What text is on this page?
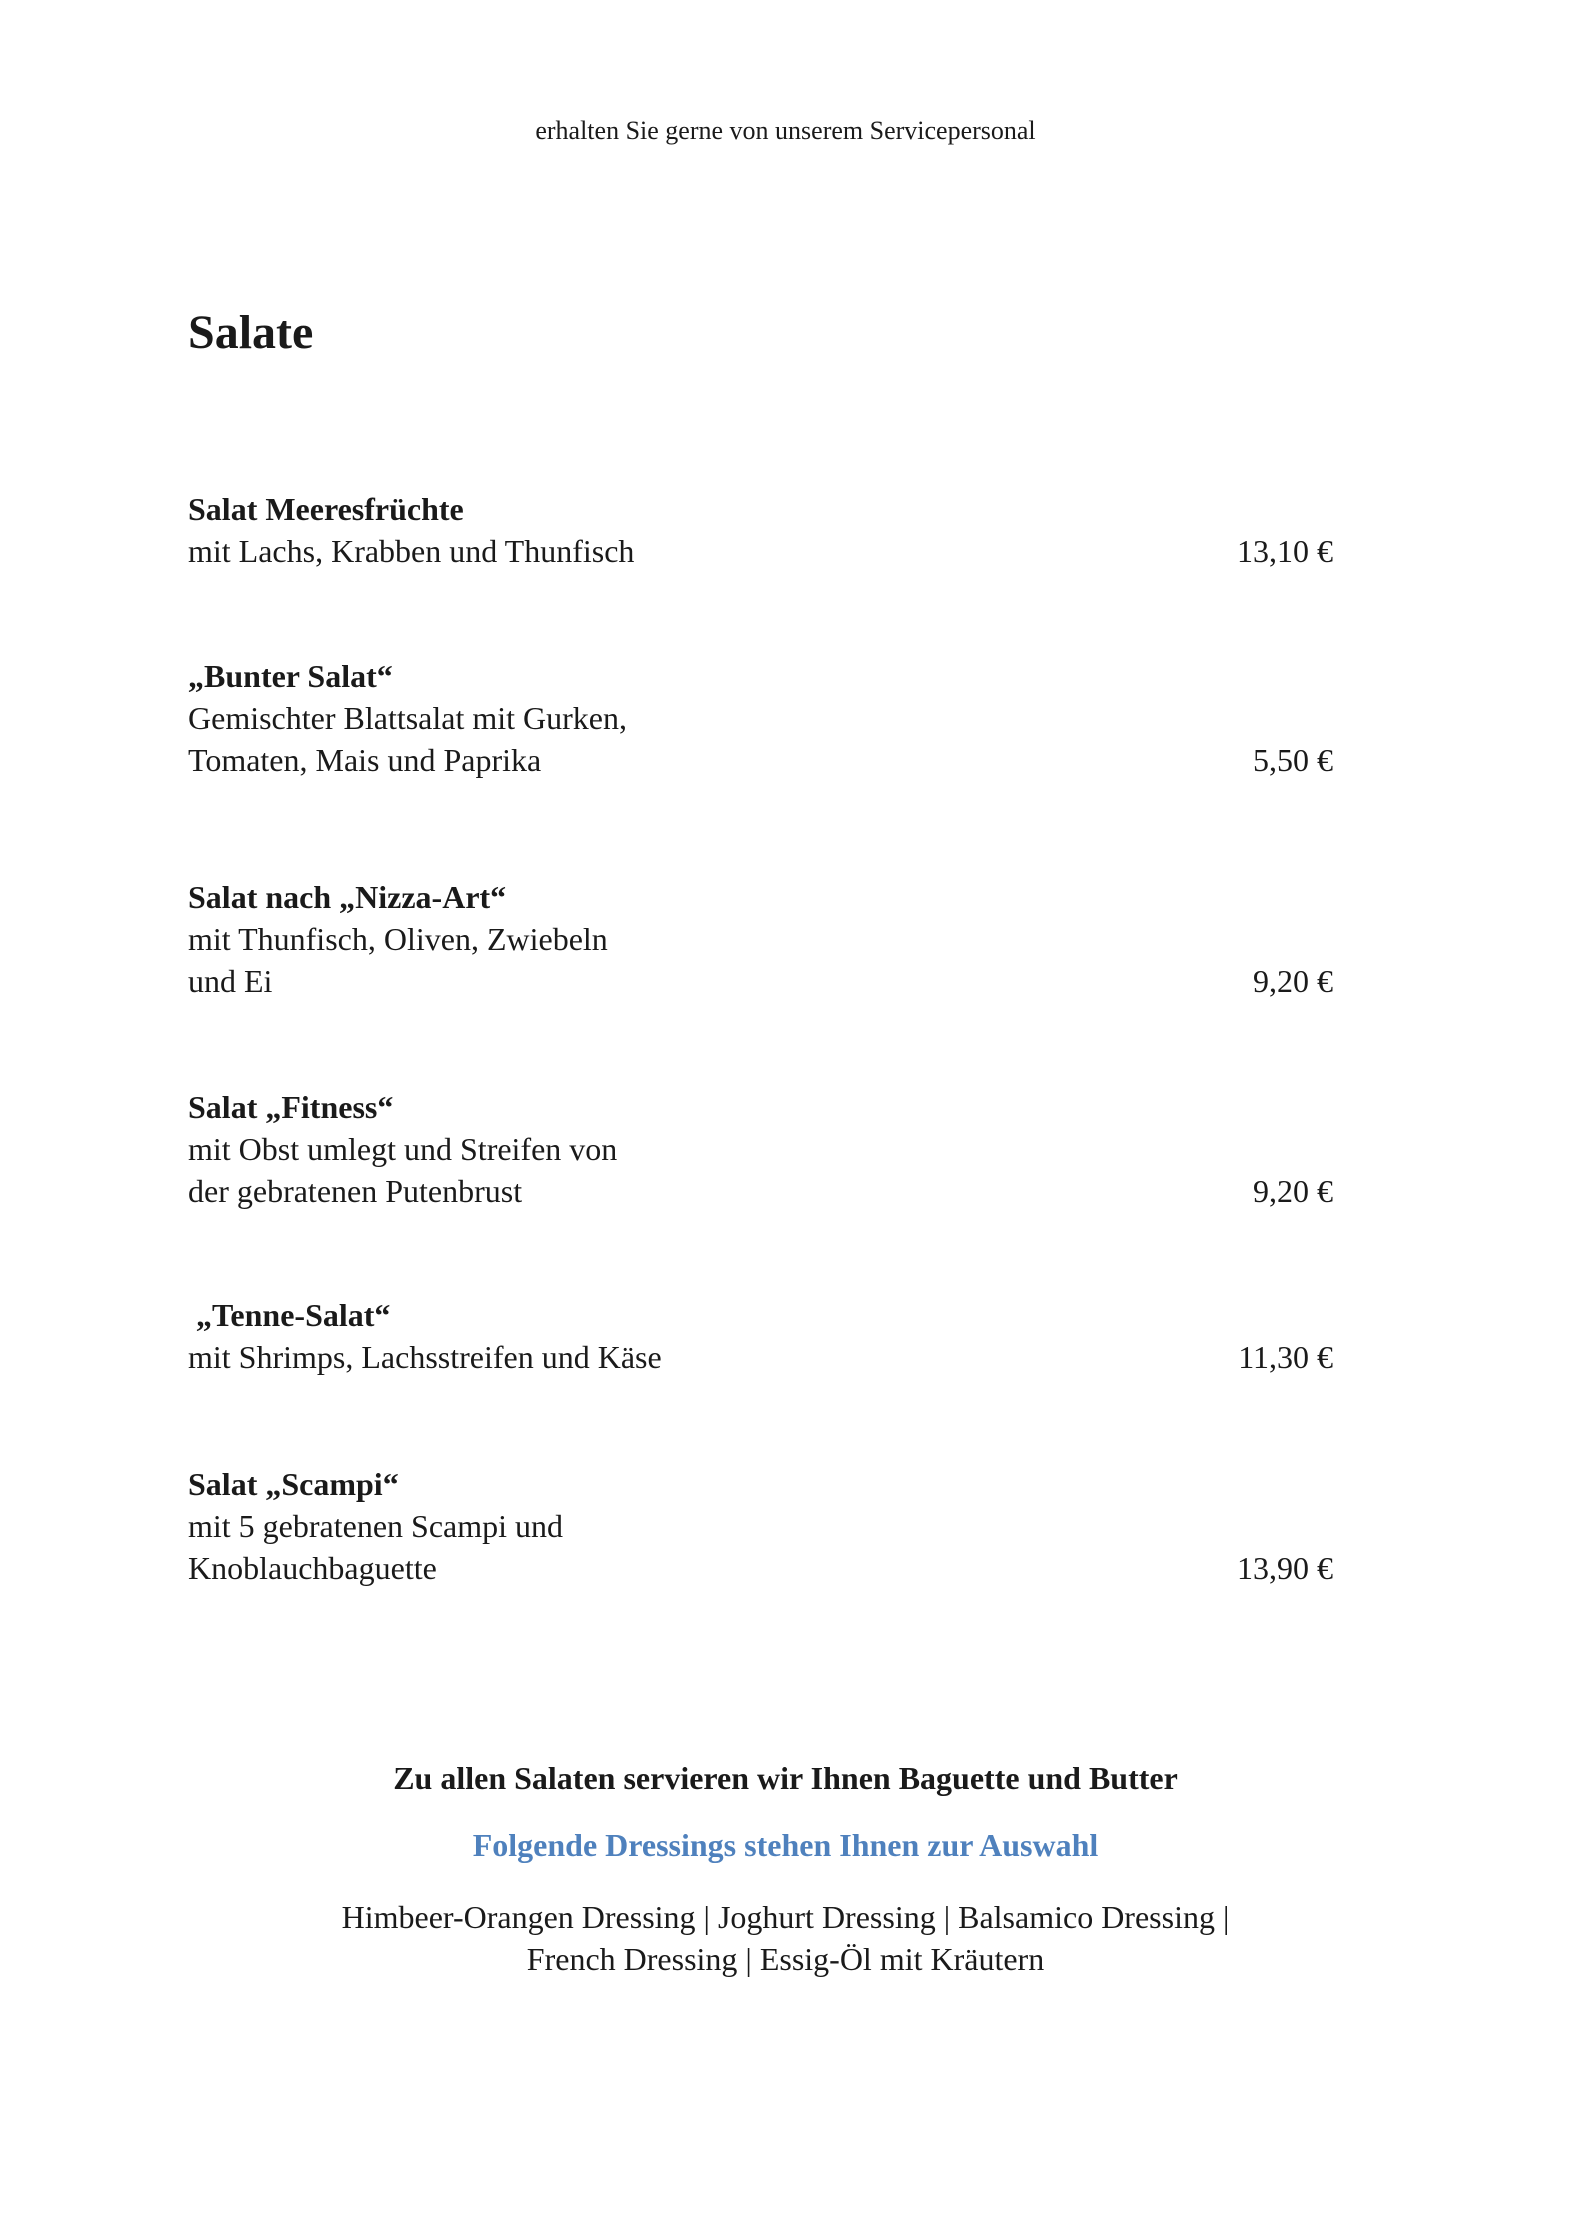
erhalten Sie gerne von unserem Servicepersonal
Salate
Salat Meeresfrüchte
mit Lachs, Krabben und Thunfisch	13,10 €
„Bunter Salat“
Gemischter Blattsalat mit Gurken,
Tomaten, Mais und Paprika	5,50 €
Salat nach „Nizza-Art“
mit Thunfisch, Oliven, Zwiebeln
und Ei	9,20 €
Salat „Fitness“
mit Obst umlegt und Streifen von
der gebratenen Putenbrust	9,20 €
„Tenne-Salat“
mit Shrimps, Lachsstreifen und Käse	11,30 €
Salat „Scampi“
mit 5 gebratenen Scampi und
Knoblauchbaguette	13,90 €
Zu allen Salaten servieren wir Ihnen Baguette und Butter
Folgende Dressings stehen Ihnen zur Auswahl
Himbeer-Orangen Dressing | Joghurt Dressing | Balsamico Dressing |
French Dressing | Essig-Öl mit Kräutern
